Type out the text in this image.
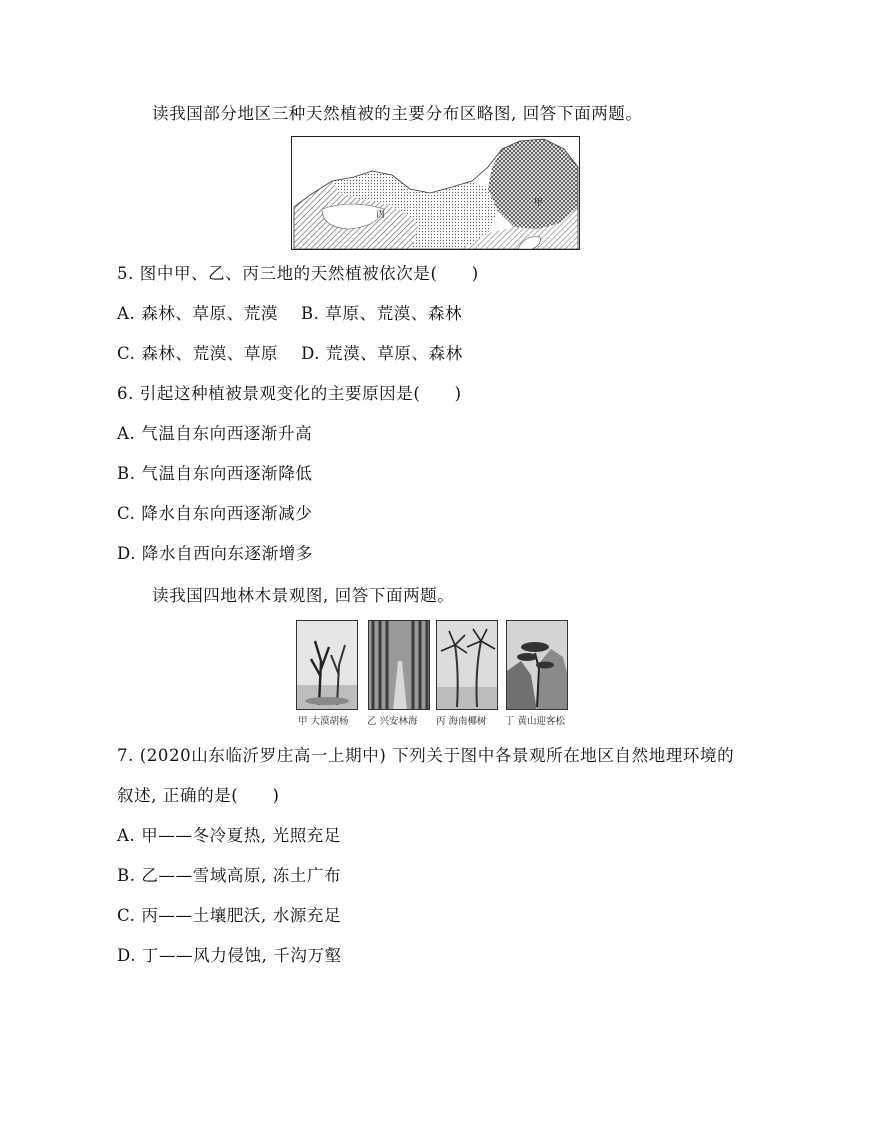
读我国部分地区三种天然植被的主要分布区略图, 回答下面两题。
丙
甲
5. 图中甲、乙、丙三地的天然植被依次是(　　)
A. 森林、草原、荒漠　 B. 草原、荒漠、森林
C. 森林、荒漠、草原　 D. 荒漠、草原、森林
6. 引起这种植被景观变化的主要原因是(　　)
A. 气温自东向西逐渐升高
B. 气温自东向西逐渐降低
C. 降水自东向西逐渐减少
D. 降水自西向东逐渐增多
读我国四地林木景观图, 回答下面两题。
甲 大漠胡杨 乙 兴安林海 丙 海南椰树 丁 黄山迎客松
7. (2020山东临沂罗庄高一上期中) 下列关于图中各景观所在地区自然地理环境的
叙述, 正确的是(　　)
A. 甲——冬冷夏热, 光照充足
B. 乙——雪域高原, 冻土广布
C. 丙——土壤肥沃, 水源充足
D. 丁——风力侵蚀, 千沟万壑
